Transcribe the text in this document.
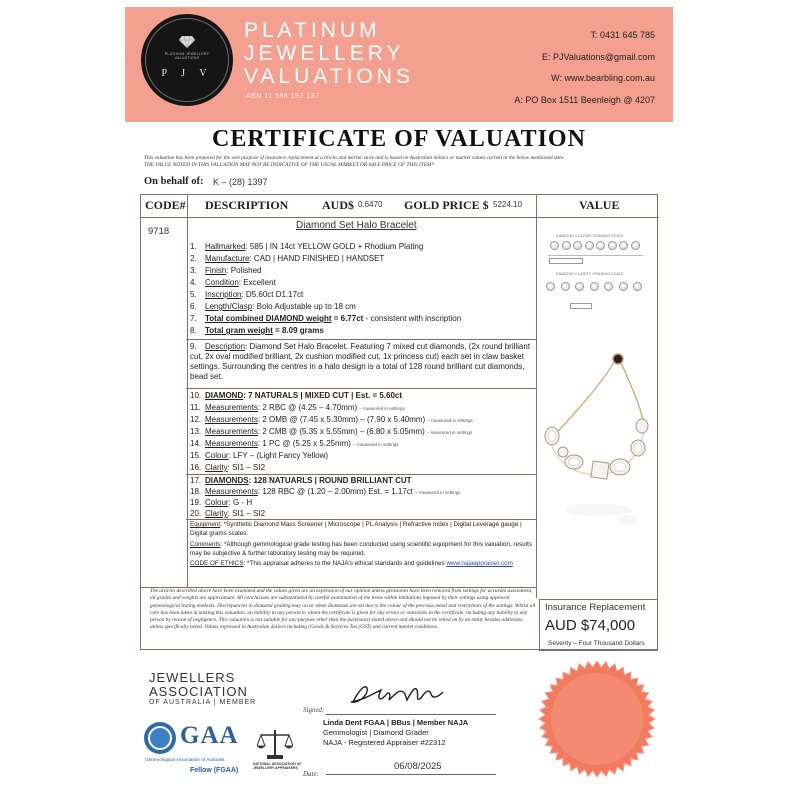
PLATINUM JEWELLERY VALUATIONS
P J V
PLATINUM
JEWELLERY
VALUATIONS
ABN 11 588 192 137
T: 0431 645 785
E: PJValuations@gmail.com
W: www.bearbling.com.au
A: PO Box 1511 Beenleigh @ 4207
CERTIFICATE OF VALUATION
This valuation has been prepared for the sole purpose of insurance replacement at a bricks and mortar store and is based on Australian dollars or market values current at the below mentioned date.
THE VALUE NOTED IN THIS VALUATION MAY NOT BE INDICATIVE OF THE USUAL MARKET OR SALE PRICE OF THIS ITEM*
On behalf of: K – (28) 1397
CODE# DESCRIPTION	AUD$ 0.6470 GOLD PRICE $ 5224.10	VALUE
9718
Diamond Set Halo Bracelet
1. Hallmarked: 585 | IN 14ct YELLOW GOLD + Rhodium Plating
2. Manufacture: CAD | HAND FINISHED | HANDSET
3. Finish: Polished
4. Condition: Excellent
5. Inscription: D5.60ct D1.17ct
6. Length/Clasp: Bolo Adjustable up to 18 cm
7. Total combined DIAMOND weight = 6.77ct - consistent with inscription
8. Total gram weight = 8.09 grams
9. Description: Diamond Set Halo Bracelet. Featuring 7 mixed cut diamonds, (2x round brilliant cut, 2x oval modified brilliant, 2x cushion modified cut, 1x princess cut) each set in claw basket settings. Surrounding the centres in a halo design is a total of 128 round brilliant cut diamonds, bead set.
10. DIAMOND: 7 NATURALS | MIXED CUT | Est. = 5.60ct
11. Measurements: 2 RBC @ (4.25 – 4.70mm) – measured in settings
12. Measurements: 2 OMB @ (7.45 x 5.30mm) – (7.90 x 5.40mm) – measured in settings
13. Measurements: 2 CMB @ (5.35 x 5.55mm) – (6.80 x 5.05mm) – measured in settings
14. Measurements: 1 PC @ (5.25 x 5.25mm) – measured in settings
15. Colour: LFY – (Light Fancy Yellow)
16. Clarity: SI1 – SI2
17. DIAMONDS: 128 NATUARLS | ROUND BRILLIANT CUT
18. Measurements: 128 RBC @ (1.20 – 2.00mm) Est. = 1.17ct – measured in settings
19. Colour: G - H
20. Clarity: SI1 – SI2
Equipment: *Synthetic Diamond Mass Screener | Microscope | PL Analysis | Refractive Index | Digital Leverage gauge | Digital grams scales.
Comments: *Although gemmological grade testing has been conducted using scientific equipment for this valuation, results may be subjective & further laboratory testing may be required.
CODE OF ETHICS: *This appraisal adheres to the NAJA's ethical standards and guidelines www.najaappraiser.com
DIAMOND COLOUR GRADING SCALE
DIAMOND CLARITY GRADING SCALE
The articles described above have been examined and the values given are an expression of our opinion unless gemstones have been removed from settings for accurate assessment, all grades and weights are approximate. All conclusions are substantiated by careful examination of the items within limitations imposed by their settings using approved gemmological testing methods. Discrepancies in diamond grading may occur when diamonds are set due to the colour of the precious metal and restrictions of the settings. Whilst all care has been taken in making this valuation, no liability to any person to whom the certificate is given for any errors or omissions in the certificate, including any liability to any person by reason of negligence. This valuation is not suitable for any purpose other than the purpose(s) stated above and should not be relied on by an entity besides addressee, unless specifically noted. Values expressed in Australian dollars including (Goods & Services Tax (GST) and current market conditions.
Insurance Replacement
AUD $74,000
Seventy – Four Thousand Dollars
JEWELLERS
ASSOCIATION
OF AUSTRALIA | MEMBER
GAA
Gemmological Association of Australia
Fellow (FGAA)
NATIONAL ASSOCIATION OF JEWELLERY APPRAISERS
Signed:
Linda Dent FGAA | BBus | Member NAJA
Gemmologist | Diamond Grader
NAJA - Registered Appraiser #22312
Date:
06/08/2025
